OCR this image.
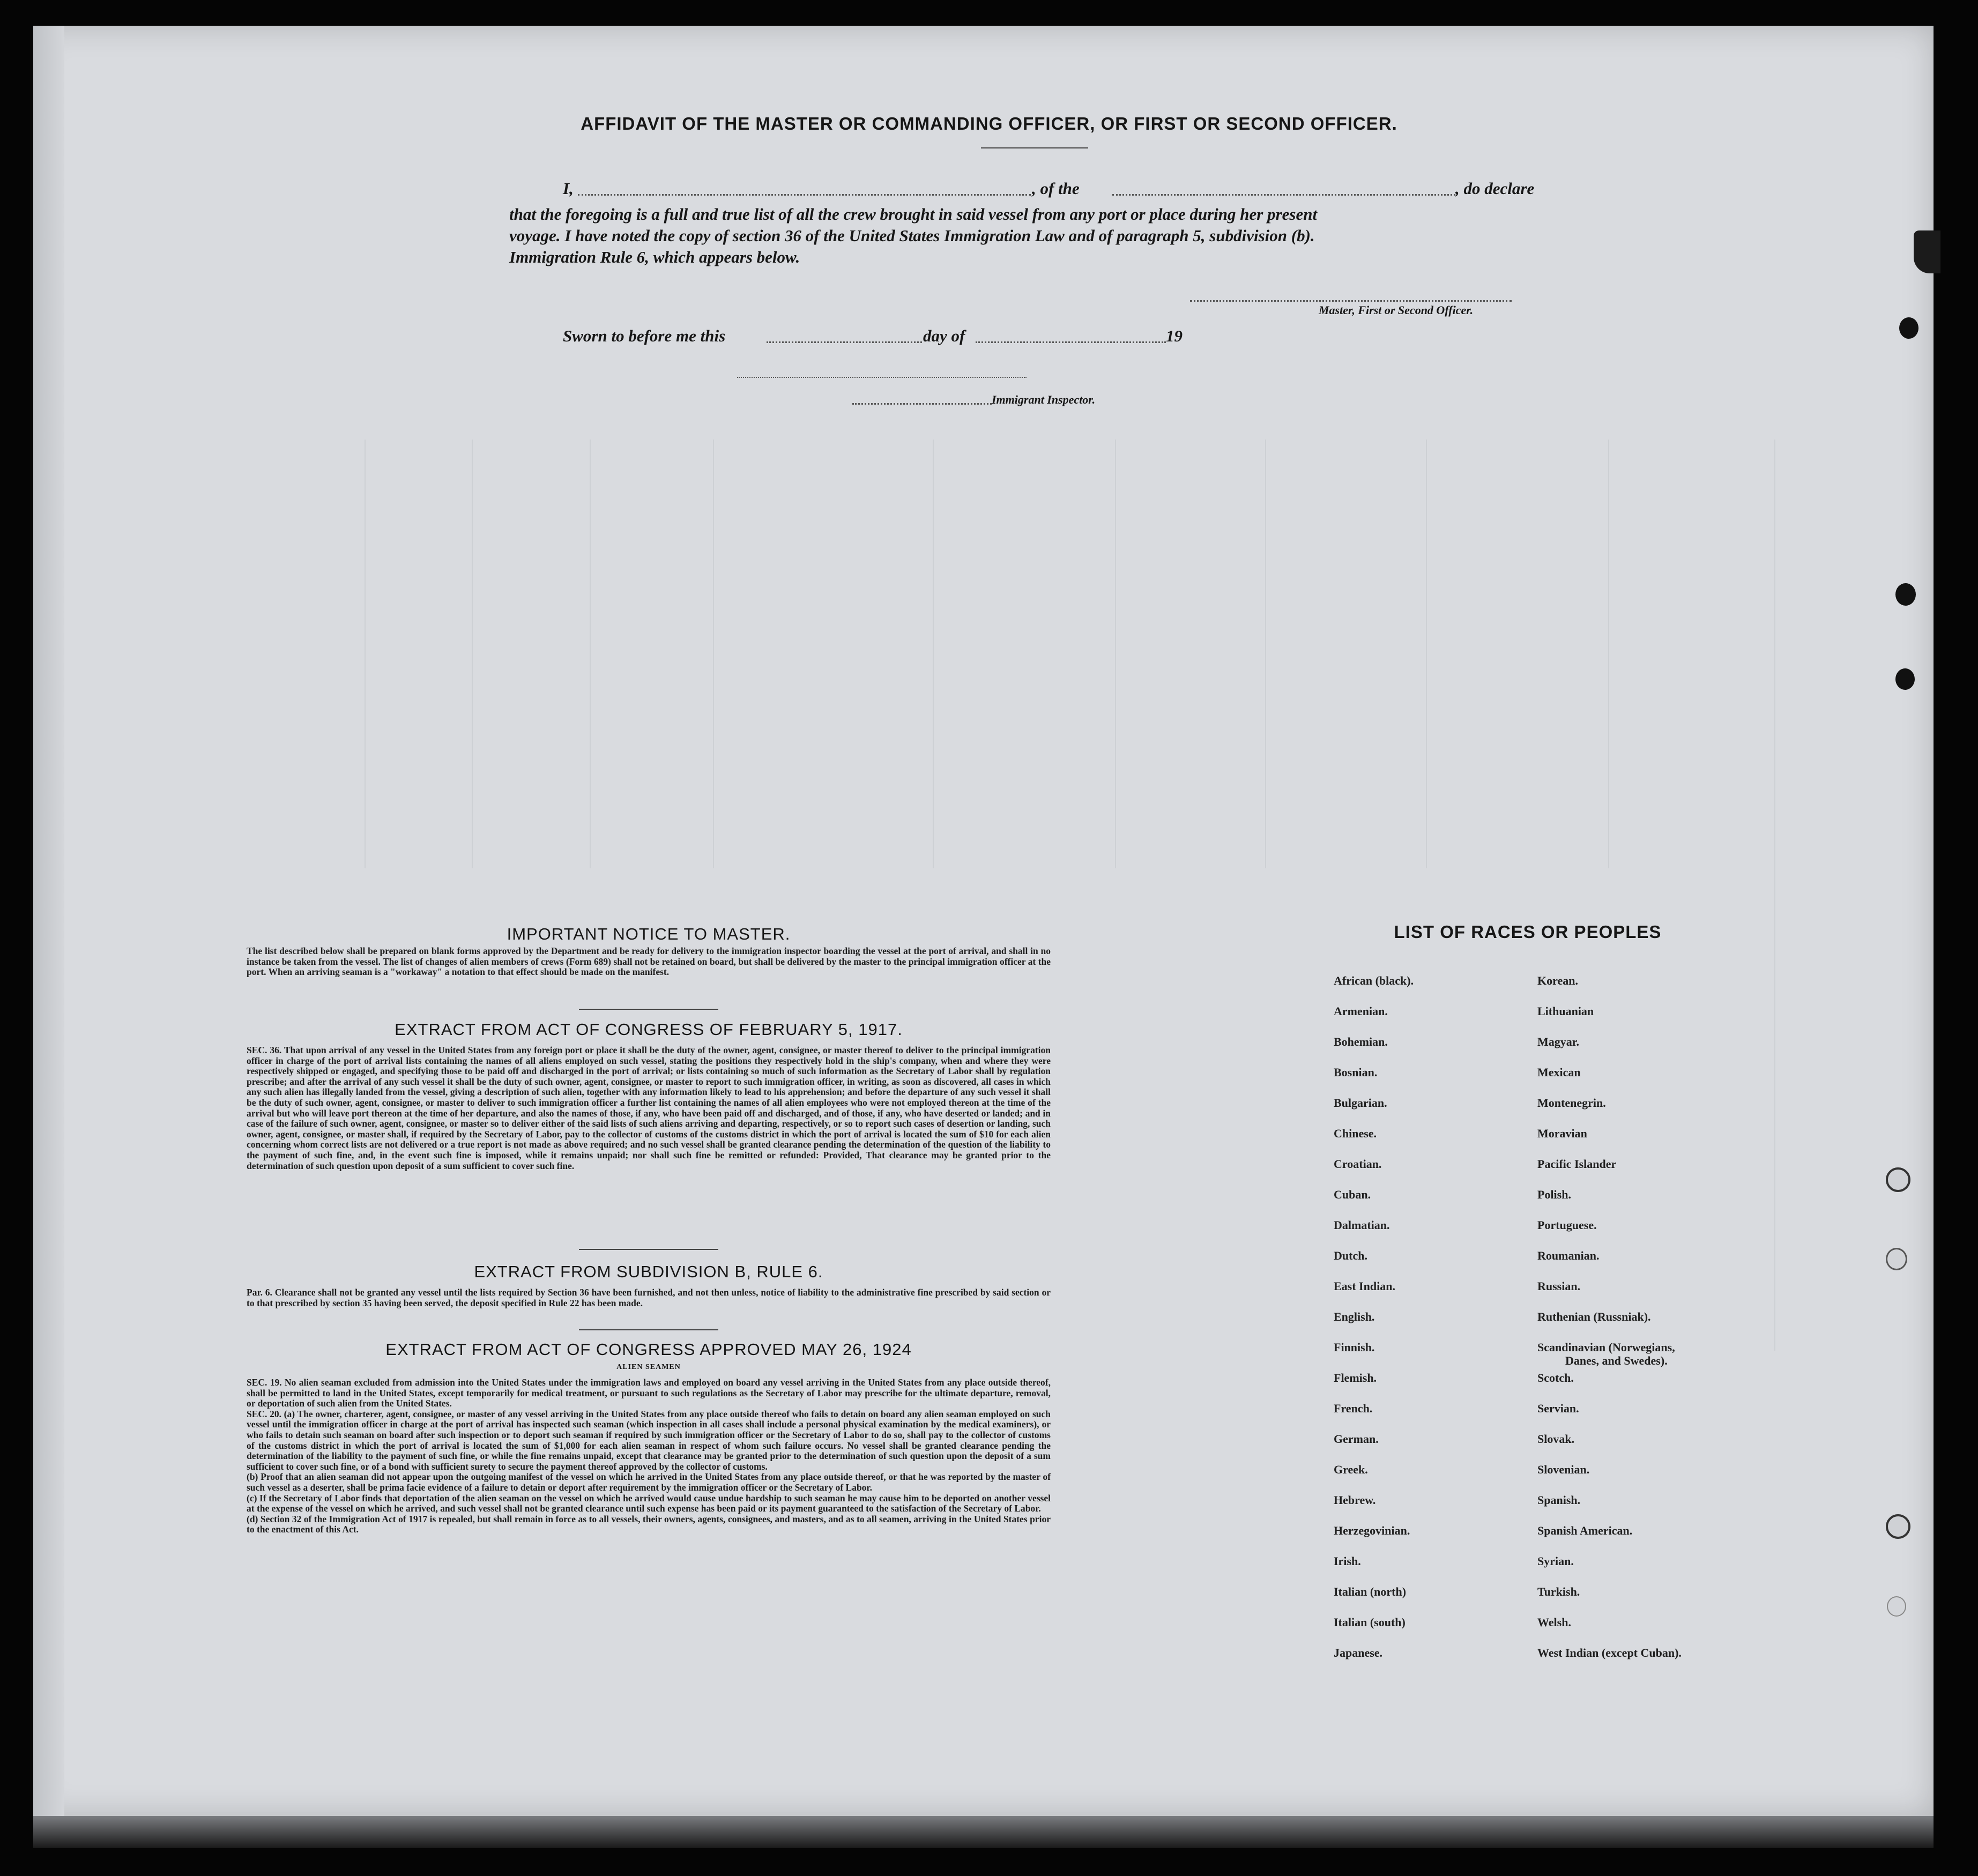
AFFIDAVIT OF THE MASTER OR COMMANDING OFFICER, OR FIRST OR SECOND OFFICER.
I,	, of the	, do declare
that the foregoing is a full and true list of all the crew brought in said vessel from any port or place during her present
voyage. I have noted the copy of section 36 of the United States Immigration Law and of paragraph 5, subdivision (b).
Immigration Rule 6, which appears below.
Master, First or Second Officer.
Sworn to before me this	day of	19
Immigrant Inspector.
IMPORTANT NOTICE TO MASTER.
The list described below shall be prepared on blank forms approved by the Department and be ready for delivery to the immigration inspector boarding the vessel at the port of arrival, and shall in no instance be taken from the vessel. The list of changes of alien members of crews (Form 689) shall not be retained on board, but shall be delivered by the master to the principal immigration officer at the port. When an arriving seaman is a "workaway" a notation to that effect should be made on the manifest.
EXTRACT FROM ACT OF CONGRESS OF FEBRUARY 5, 1917.
SEC. 36. That upon arrival of any vessel in the United States from any foreign port or place it shall be the duty of the owner, agent, consignee, or master thereof to deliver to the principal immigration officer in charge of the port of arrival lists containing the names of all aliens employed on such vessel, stating the positions they respectively hold in the ship's company, when and where they were respectively shipped or engaged, and specifying those to be paid off and discharged in the port of arrival; or lists containing so much of such information as the Secretary of Labor shall by regulation prescribe; and after the arrival of any such vessel it shall be the duty of such owner, agent, consignee, or master to report to such immigration officer, in writing, as soon as discovered, all cases in which any such alien has illegally landed from the vessel, giving a description of such alien, together with any information likely to lead to his apprehension; and before the departure of any such vessel it shall be the duty of such owner, agent, consignee, or master to deliver to such immigration officer a further list containing the names of all alien employees who were not employed thereon at the time of the arrival but who will leave port thereon at the time of her departure, and also the names of those, if any, who have been paid off and discharged, and of those, if any, who have deserted or landed; and in case of the failure of such owner, agent, consignee, or master so to deliver either of the said lists of such aliens arriving and departing, respectively, or so to report such cases of desertion or landing, such owner, agent, consignee, or master shall, if required by the Secretary of Labor, pay to the collector of customs of the customs district in which the port of arrival is located the sum of $10 for each alien concerning whom correct lists are not delivered or a true report is not made as above required; and no such vessel shall be granted clearance pending the determination of the question of the liability to the payment of such fine, and, in the event such fine is imposed, while it remains unpaid; nor shall such fine be remitted or refunded: Provided, That clearance may be granted prior to the determination of such question upon deposit of a sum sufficient to cover such fine.
EXTRACT FROM SUBDIVISION B, RULE 6.
Par. 6. Clearance shall not be granted any vessel until the lists required by Section 36 have been furnished, and not then unless, notice of liability to the administrative fine prescribed by said section or to that prescribed by section 35 having been served, the deposit specified in Rule 22 has been made.
EXTRACT FROM ACT OF CONGRESS APPROVED MAY 26, 1924
ALIEN SEAMEN
SEC. 19. No alien seaman excluded from admission into the United States under the immigration laws and employed on board any vessel arriving in the United States from any place outside thereof, shall be permitted to land in the United States, except temporarily for medical treatment, or pursuant to such regulations as the Secretary of Labor may prescribe for the ultimate departure, removal, or deportation of such alien from the United States.
SEC. 20. (a) The owner, charterer, agent, consignee, or master of any vessel arriving in the United States from any place outside thereof who fails to detain on board any alien seaman employed on such vessel until the immigration officer in charge at the port of arrival has inspected such seaman (which inspection in all cases shall include a personal physical examination by the medical examiners), or who fails to detain such seaman on board after such inspection or to deport such seaman if required by such immigration officer or the Secretary of Labor to do so, shall pay to the collector of customs of the customs district in which the port of arrival is located the sum of $1,000 for each alien seaman in respect of whom such failure occurs. No vessel shall be granted clearance pending the determination of the liability to the payment of such fine, or while the fine remains unpaid, except that clearance may be granted prior to the determination of such question upon the deposit of a sum sufficient to cover such fine, or of a bond with sufficient surety to secure the payment thereof approved by the collector of customs.
(b) Proof that an alien seaman did not appear upon the outgoing manifest of the vessel on which he arrived in the United States from any place outside thereof, or that he was reported by the master of such vessel as a deserter, shall be prima facie evidence of a failure to detain or deport after requirement by the immigration officer or the Secretary of Labor.
(c) If the Secretary of Labor finds that deportation of the alien seaman on the vessel on which he arrived would cause undue hardship to such seaman he may cause him to be deported on another vessel at the expense of the vessel on which he arrived, and such vessel shall not be granted clearance until such expense has been paid or its payment guaranteed to the satisfaction of the Secretary of Labor.
(d) Section 32 of the Immigration Act of 1917 is repealed, but shall remain in force as to all vessels, their owners, agents, consignees, and masters, and as to all seamen, arriving in the United States prior to the enactment of this Act.
LIST OF RACES OR PEOPLES
African (black).
Armenian.
Bohemian.
Bosnian.
Bulgarian.
Chinese.
Croatian.
Cuban.
Dalmatian.
Dutch.
East Indian.
English.
Finnish.
Flemish.
French.
German.
Greek.
Hebrew.
Herzegovinian.
Irish.
Italian (north)
Italian (south)
Japanese.
Korean.
Lithuanian
Magyar.
Mexican
Montenegrin.
Moravian
Pacific Islander
Polish.
Portuguese.
Roumanian.
Russian.
Ruthenian (Russniak).
Scandinavian (Norwegians,
Scotch.
Servian.
Slovak.
Slovenian.
Spanish.
Spanish American.
Syrian.
Turkish.
Welsh.
West Indian (except Cuban).
Danes, and Swedes).
